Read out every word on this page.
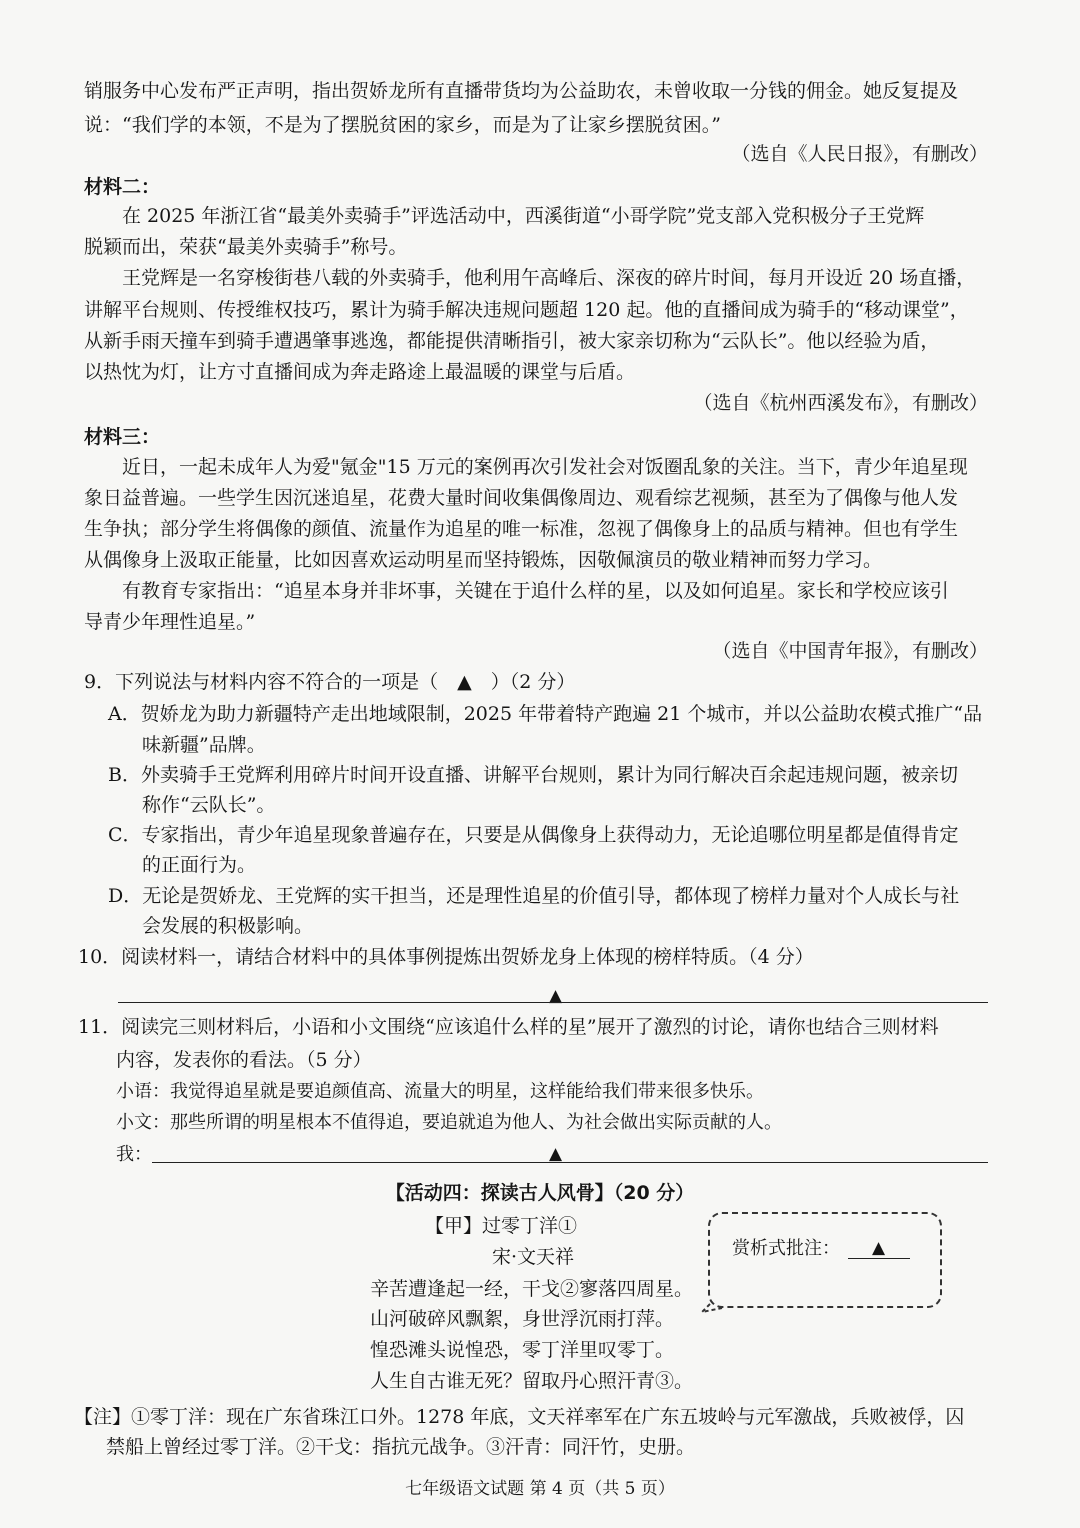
销服务中心发布严正声明，指出贺娇龙所有直播带货均为公益助农，未曾收取一分钱的佣金。她反复提及
说：“我们学的本领，不是为了摆脱贫困的家乡，而是为了让家乡摆脱贫困。”
（选自《人民日报》，有删改）
材料二：
在 2025 年浙江省“最美外卖骑手”评选活动中，西溪街道“小哥学院”党支部入党积极分子王党辉
脱颖而出，荣获“最美外卖骑手”称号。
王党辉是一名穿梭街巷八载的外卖骑手，他利用午高峰后、深夜的碎片时间，每月开设近 20 场直播，
讲解平台规则、传授维权技巧，累计为骑手解决违规问题超 120 起。他的直播间成为骑手的“移动课堂”，
从新手雨天撞车到骑手遭遇肇事逃逸，都能提供清晰指引，被大家亲切称为“云队长”。他以经验为盾，
以热忱为灯，让方寸直播间成为奔走路途上最温暖的课堂与后盾。
（选自《杭州西溪发布》，有删改）
材料三：
近日，一起未成年人为爱"氪金"15 万元的案例再次引发社会对饭圈乱象的关注。当下，青少年追星现
象日益普遍。一些学生因沉迷追星，花费大量时间收集偶像周边、观看综艺视频，甚至为了偶像与他人发
生争执；部分学生将偶像的颜值、流量作为追星的唯一标准，忽视了偶像身上的品质与精神。但也有学生
从偶像身上汲取正能量，比如因喜欢运动明星而坚持锻炼，因敬佩演员的敬业精神而努力学习。
有教育专家指出：“追星本身并非坏事，关键在于追什么样的星，以及如何追星。家长和学校应该引
导青少年理性追星。”
（选自《中国青年报》，有删改）
9．下列说法与材料内容不符合的一项是（　▲　）（2 分）
A．贺娇龙为助力新疆特产走出地域限制，2025 年带着特产跑遍 21 个城市，并以公益助农模式推广“品
味新疆”品牌。
B．外卖骑手王党辉利用碎片时间开设直播、讲解平台规则，累计为同行解决百余起违规问题，被亲切
称作“云队长”。
C．专家指出，青少年追星现象普遍存在，只要是从偶像身上获得动力，无论追哪位明星都是值得肯定
的正面行为。
D．无论是贺娇龙、王党辉的实干担当，还是理性追星的价值引导，都体现了榜样力量对个人成长与社
会发展的积极影响。
10．阅读材料一，请结合材料中的具体事例提炼出贺娇龙身上体现的榜样特质。（4 分）
▲
11．阅读完三则材料后，小语和小文围绕“应该追什么样的星”展开了激烈的讨论，请你也结合三则材料
内容，发表你的看法。（5 分）
小语：我觉得追星就是要追颜值高、流量大的明星，这样能给我们带来很多快乐。
小文：那些所谓的明星根本不值得追，要追就追为他人、为社会做出实际贡献的人。
我：	▲
【活动四：探读古人风骨】（20 分）
【甲】过零丁洋①
宋·文天祥
辛苦遭逢起一经，干戈②寥落四周星。
山河破碎风飘絮，身世浮沉雨打萍。
惶恐滩头说惶恐，零丁洋里叹零丁。
人生自古谁无死？留取丹心照汗青③。
赏析式批注： ▲
【注】①零丁洋：现在广东省珠江口外。1278 年底，文天祥率军在广东五坡岭与元军激战，兵败被俘，囚
禁船上曾经过零丁洋。②干戈：指抗元战争。③汗青：同汗竹，史册。
七年级语文试题 第 4 页（共 5 页）
